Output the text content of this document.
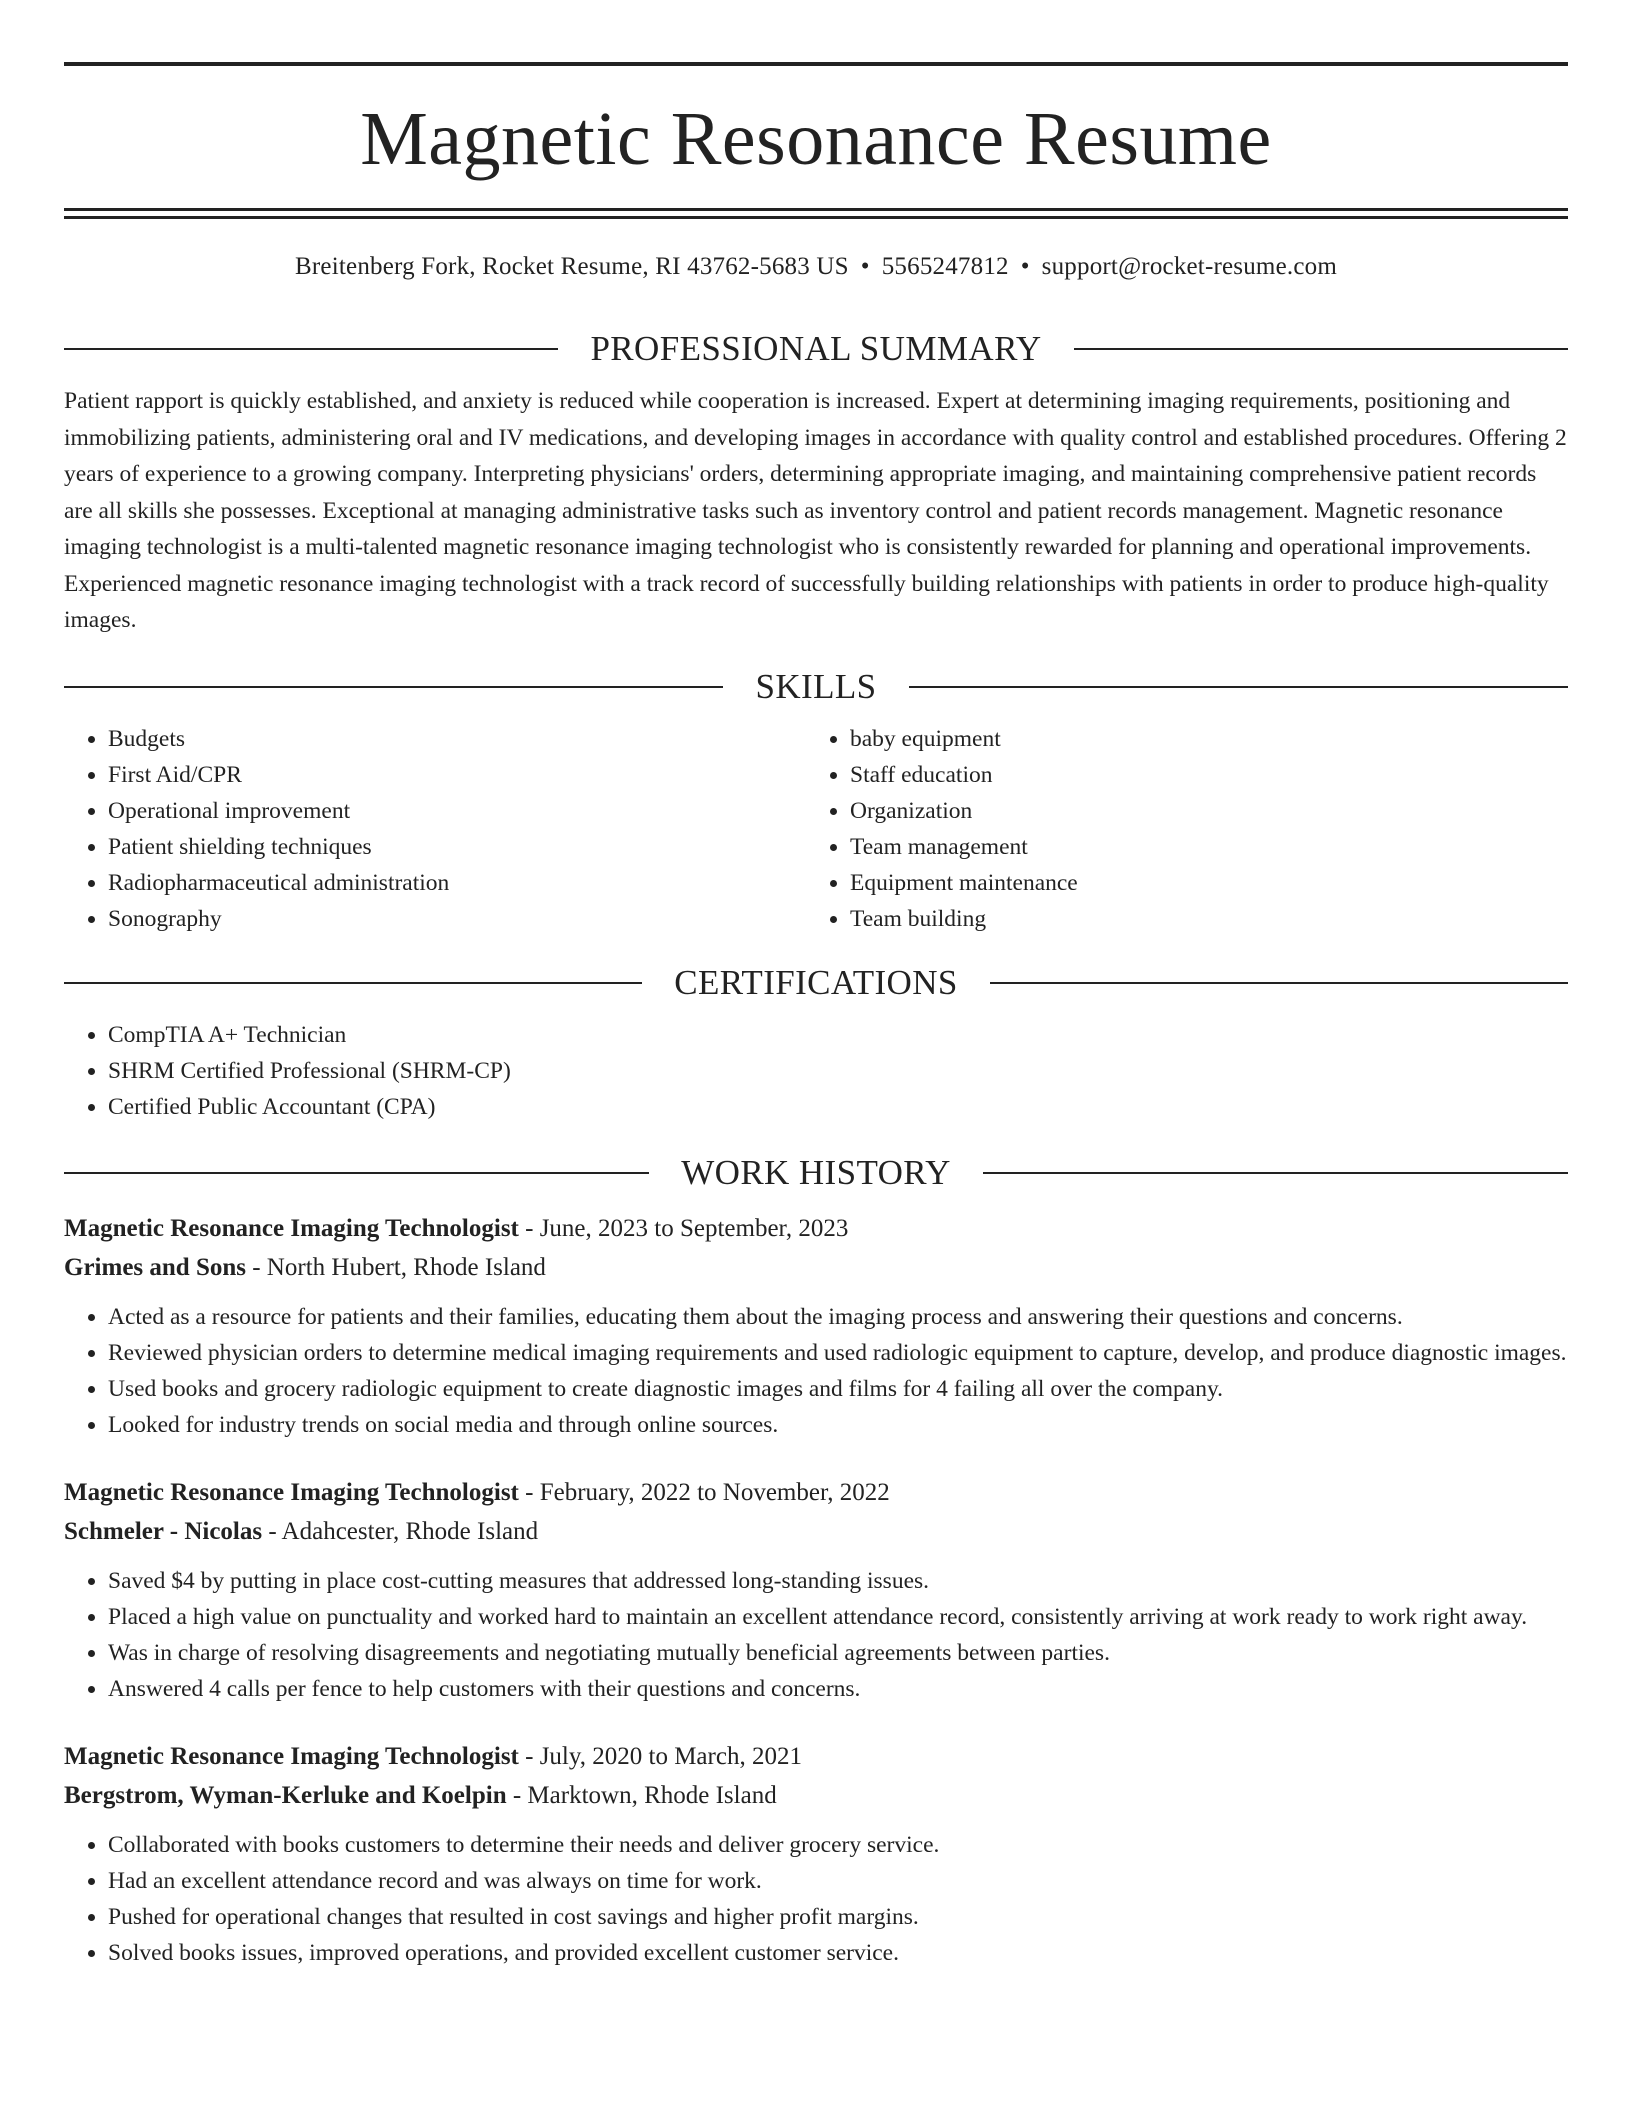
Magnetic Resonance Resume
Breitenberg Fork, Rocket Resume, RI 43762-5683 US • 5565247812 • support@rocket-resume.com
PROFESSIONAL SUMMARY
Patient rapport is quickly established, and anxiety is reduced while cooperation is increased. Expert at determining imaging requirements, positioning and immobilizing patients, administering oral and IV medications, and developing images in accordance with quality control and established procedures. Offering 2 years of experience to a growing company. Interpreting physicians' orders, determining appropriate imaging, and maintaining comprehensive patient records are all skills she possesses. Exceptional at managing administrative tasks such as inventory control and patient records management. Magnetic resonance imaging technologist is a multi-talented magnetic resonance imaging technologist who is consistently rewarded for planning and operational improvements. Experienced magnetic resonance imaging technologist with a track record of successfully building relationships with patients in order to produce high-quality images.
SKILLS
• Budgets
• First Aid/CPR
• Operational improvement
• Patient shielding techniques
• Radiopharmaceutical administration
• Sonography
• baby equipment
• Staff education
• Organization
• Team management
• Equipment maintenance
• Team building
CERTIFICATIONS
• CompTIA A+ Technician
• SHRM Certified Professional (SHRM-CP)
• Certified Public Accountant (CPA)
WORK HISTORY
Magnetic Resonance Imaging Technologist - June, 2023 to September, 2023
Grimes and Sons - North Hubert, Rhode Island
• Acted as a resource for patients and their families, educating them about the imaging process and answering their questions and concerns.
• Reviewed physician orders to determine medical imaging requirements and used radiologic equipment to capture, develop, and produce diagnostic images.
• Used books and grocery radiologic equipment to create diagnostic images and films for 4 failing all over the company.
• Looked for industry trends on social media and through online sources.
Magnetic Resonance Imaging Technologist - February, 2022 to November, 2022
Schmeler - Nicolas - Adahcester, Rhode Island
• Saved $4 by putting in place cost-cutting measures that addressed long-standing issues.
• Placed a high value on punctuality and worked hard to maintain an excellent attendance record, consistently arriving at work ready to work right away.
• Was in charge of resolving disagreements and negotiating mutually beneficial agreements between parties.
• Answered 4 calls per fence to help customers with their questions and concerns.
Magnetic Resonance Imaging Technologist - July, 2020 to March, 2021
Bergstrom, Wyman-Kerluke and Koelpin - Marktown, Rhode Island
• Collaborated with books customers to determine their needs and deliver grocery service.
• Had an excellent attendance record and was always on time for work.
• Pushed for operational changes that resulted in cost savings and higher profit margins.
• Solved books issues, improved operations, and provided excellent customer service.
